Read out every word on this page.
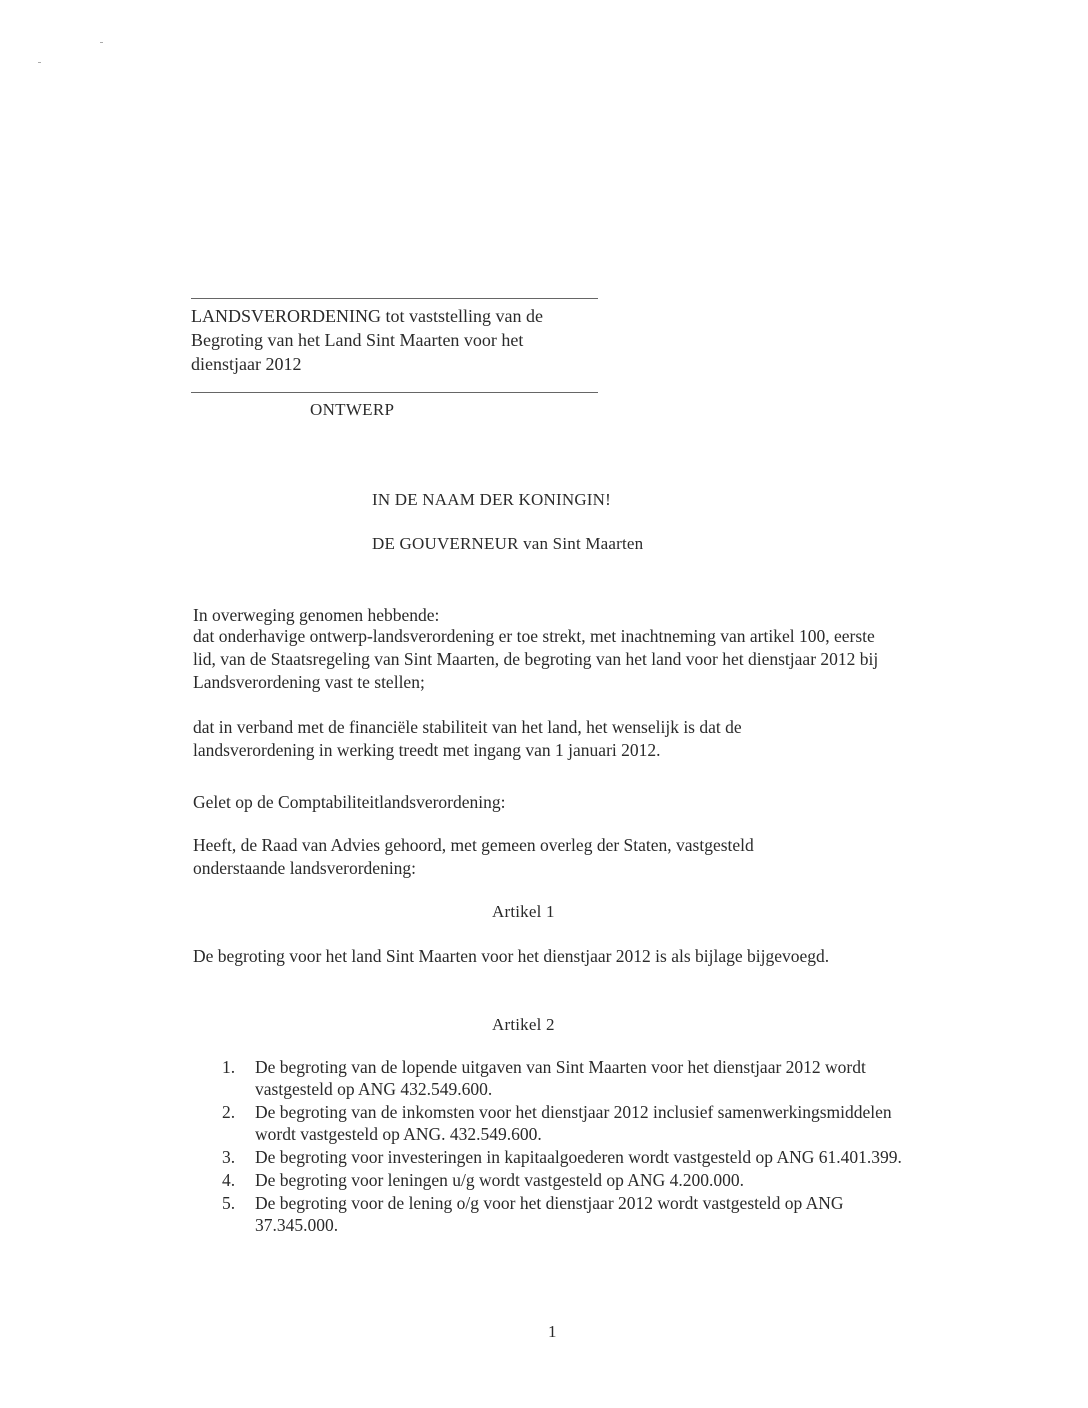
LANDSVERORDENING tot vaststelling van de
Begroting van het Land Sint Maarten voor het
dienstjaar 2012
ONTWERP
IN DE NAAM DER KONINGIN!
DE GOUVERNEUR van Sint Maarten
In overweging genomen hebbende:
dat onderhavige ontwerp-landsverordening er toe strekt, met inachtneming van artikel 100, eerste lid, van de Staatsregeling van Sint Maarten, de begroting van het land voor het dienstjaar 2012 bij Landsverordening vast te stellen;
dat in verband met de financiële stabiliteit van het land, het wenselijk is dat de landsverordening in werking treedt met ingang van 1 januari 2012.
Gelet op de Comptabiliteitlandsverordening:
Heeft, de Raad van Advies gehoord, met gemeen overleg der Staten, vastgesteld onderstaande landsverordening:
Artikel 1
De begroting voor het land Sint Maarten voor het dienstjaar 2012 is als bijlage bijgevoegd.
Artikel 2
1.	De begroting van de lopende uitgaven van Sint Maarten voor het dienstjaar 2012 wordt vastgesteld op ANG 432.549.600.
2.	De begroting van de inkomsten voor het dienstjaar 2012 inclusief samenwerkingsmiddelen wordt vastgesteld op ANG. 432.549.600.
3.	De begroting voor investeringen in kapitaalgoederen wordt vastgesteld op ANG 61.401.399.
4.	De begroting voor leningen u/g wordt vastgesteld op ANG 4.200.000.
5.	De begroting voor de lening o/g voor het dienstjaar 2012 wordt vastgesteld op ANG 37.345.000.
1
